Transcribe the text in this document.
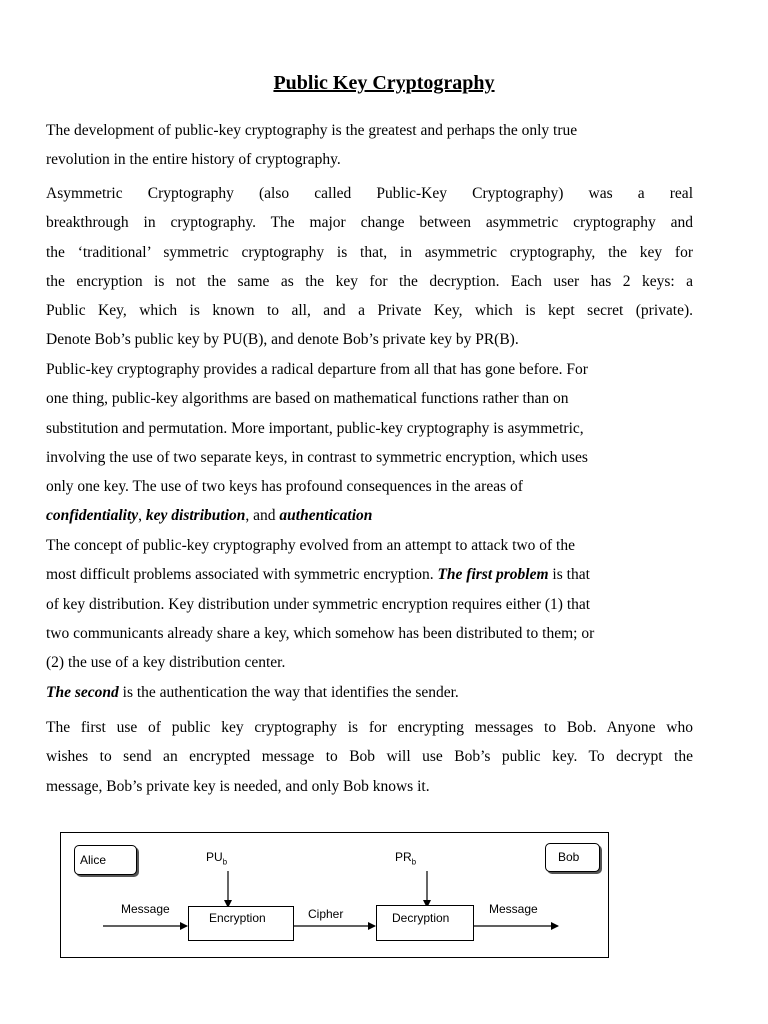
Public Key Cryptography
The development of public-key cryptography is the greatest and perhaps the only true
revolution in the entire history of cryptography.
Asymmetric Cryptography (also called Public-Key Cryptography) was a real
breakthrough in cryptography. The major change between asymmetric cryptography and
the ‘traditional’ symmetric cryptography is that, in asymmetric cryptography, the key for
the encryption is not the same as the key for the decryption. Each user has 2 keys: a
Public Key, which is known to all, and a Private Key, which is kept secret (private).
Denote Bob’s public key by PU(B), and denote Bob’s private key by PR(B).
Public-key cryptography provides a radical departure from all that has gone before. For
one thing, public-key algorithms are based on mathematical functions rather than on
substitution and permutation. More important, public-key cryptography is asymmetric,
involving the use of two separate keys, in contrast to symmetric encryption, which uses
only one key. The use of two keys has profound consequences in the areas of
confidentiality, key distribution, and authentication
The concept of public-key cryptography evolved from an attempt to attack two of the
most difficult problems associated with symmetric encryption. The first problem is that
of key distribution. Key distribution under symmetric encryption requires either (1) that
two communicants already share a key, which somehow has been distributed to them; or
(2) the use of a key distribution center.
The second is the authentication the way that identifies the sender.
The first use of public key cryptography is for encrypting messages to Bob. Anyone who
wishes to send an encrypted message to Bob will use Bob’s public key. To decrypt the
message, Bob’s private key is needed, and only Bob knows it.
Alice	Bob
$PU_b$	$PR_b$
Message	Cipher	Message
Encryption	Decryption
